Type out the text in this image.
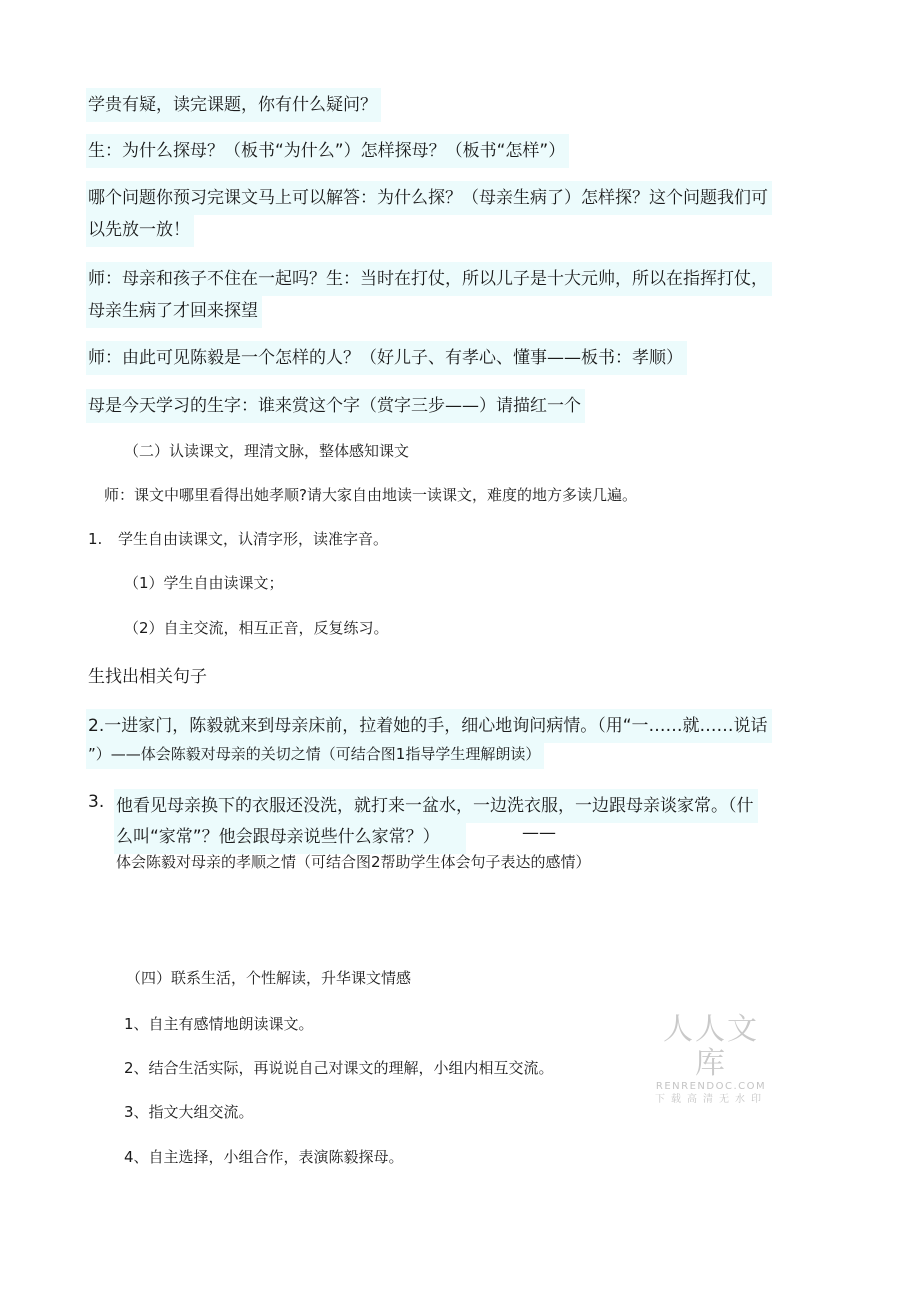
学贵有疑，读完课题，你有什么疑问？
生：为什么探母？（板书“为什么”）怎样探母？（板书“怎样”）
哪个问题你预习完课文马上可以解答：为什么探？（母亲生病了）怎样探？这个问题我们可
以先放一放！
师：母亲和孩子不住在一起吗？生：当时在打仗，所以儿子是十大元帅，所以在指挥打仗，
母亲生病了才回来探望
师：由此可见陈毅是一个怎样的人？（好儿子、有孝心、懂事——板书：孝顺）
母是今天学习的生字：谁来赏这个字（赏字三步——）请描红一个
（二）认读课文，理清文脉，整体感知课文
师：课文中哪里看得出她孝顺?请大家自由地读一读课文，难度的地方多读几遍。
1. 学生自由读课文，认清字形，读准字音。
（1）学生自由读课文；
（2）自主交流，相互正音，反复练习。
生找出相关句子
2.一进家门，陈毅就来到母亲床前，拉着她的手，细心地询问病情。（用“一……就……说话
”）——体会陈毅对母亲的关切之情（可结合图1指导学生理解朗读）
3. 他看见母亲换下的衣服还没洗，就打来一盆水，一边洗衣服，一边跟母亲谈家常。（什
么叫“家常”？他会跟母亲说些什么家常？）	——
体会陈毅对母亲的孝顺之情（可结合图2帮助学生体会句子表达的感情）
（四）联系生活，个性解读，升华课文情感
1、自主有感情地朗读课文。
2、结合生活实际，再说说自己对课文的理解，小组内相互交流。
3、指文大组交流。
4、自主选择，小组合作，表演陈毅探母。
人人文库
RENRENDOC.COM
下载高清无水印
